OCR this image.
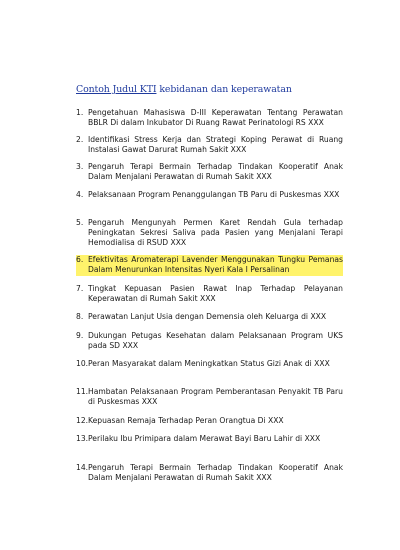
Contoh Judul KTI kebidanan dan keperawatan
1. Pengetahuan Mahasiswa D-III Keperawatan Tentang Perawatan BBLR Di dalam Inkubator Di Ruang Rawat Perinatologi RS XXX
2. Identifikasi Stress Kerja dan Strategi Koping Perawat di Ruang Instalasi Gawat Darurat Rumah Sakit XXX
3. Pengaruh Terapi Bermain Terhadap Tindakan Kooperatif Anak Dalam Menjalani Perawatan di Rumah Sakit XXX
4. Pelaksanaan Program Penanggulangan TB Paru di Puskesmas XXX
5. Pengaruh Mengunyah Permen Karet Rendah Gula terhadap Peningkatan Sekresi Saliva pada Pasien yang Menjalani Terapi Hemodialisa di RSUD XXX
6. Efektivitas Aromaterapi Lavender Menggunakan Tungku Pemanas Dalam Menurunkan Intensitas Nyeri Kala I Persalinan
7. Tingkat Kepuasan Pasien Rawat Inap Terhadap Pelayanan Keperawatan di Rumah Sakit XXX
8. Perawatan Lanjut Usia dengan Demensia oleh Keluarga di XXX
9. Dukungan Petugas Kesehatan dalam Pelaksanaan Program UKS pada SD XXX
10. Peran Masyarakat dalam Meningkatkan Status Gizi Anak di XXX
11. Hambatan Pelaksanaan Program Pemberantasan Penyakit TB Paru di Puskesmas XXX
12. Kepuasan Remaja Terhadap Peran Orangtua Di XXX
13. Perilaku Ibu Primipara dalam Merawat Bayi Baru Lahir di XXX
14. Pengaruh Terapi Bermain Terhadap Tindakan Kooperatif Anak Dalam Menjalani Perawatan di Rumah Sakit XXX
